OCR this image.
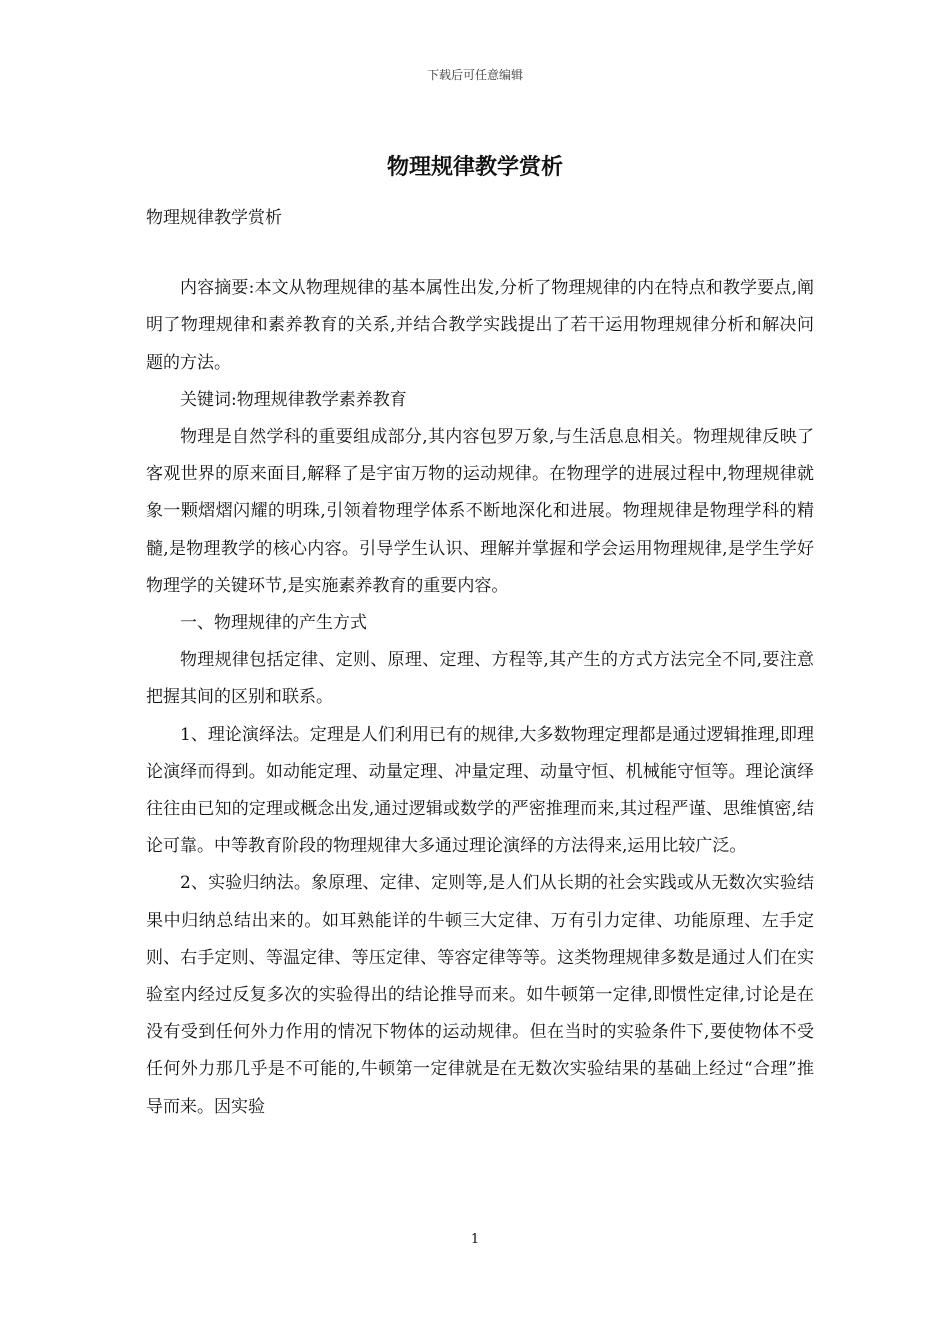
下载后可任意编辑
物理规律教学赏析

物理规律教学赏析

内容摘要:本文从物理规律的基本属性出发,分析了物理规律的内在特点和教学要点,阐明了物理规律和素养教育的关系,并结合教学实践提出了若干运用物理规律分析和解决问题的方法。

关键词:物理规律教学素养教育

物理是自然学科的重要组成部分,其内容包罗万象,与生活息息相关。物理规律反映了客观世界的原来面目,解释了是宇宙万物的运动规律。在物理学的进展过程中,物理规律就象一颗熠熠闪耀的明珠,引领着物理学体系不断地深化和进展。物理规律是物理学科的精髓,是物理教学的核心内容。引导学生认识、理解并掌握和学会运用物理规律,是学生学好物理学的关键环节,是实施素养教育的重要内容。

一、物理规律的产生方式

物理规律包括定律、定则、原理、定理、方程等,其产生的方式方法完全不同,要注意把握其间的区别和联系。

1、理论演绎法。定理是人们利用已有的规律,大多数物理定理都是通过逻辑推理,即理论演绎而得到。如动能定理、动量定理、冲量定理、动量守恒、机械能守恒等。理论演绎往往由已知的定理或概念出发,通过逻辑或数学的严密推理而来,其过程严谨、思维慎密,结论可靠。中等教育阶段的物理规律大多通过理论演绎的方法得来,运用比较广泛。

2、实验归纳法。象原理、定律、定则等,是人们从长期的社会实践或从无数次实验结果中归纳总结出来的。如耳熟能详的牛顿三大定律、万有引力定律、功能原理、左手定则、右手定则、等温定律、等压定律、等容定律等等。这类物理规律多数是通过人们在实验室内经过反复多次的实验得出的结论推导而来。如牛顿第一定律,即惯性定律,讨论是在没有受到任何外力作用的情况下物体的运动规律。但在当时的实验条件下,要使物体不受任何外力那几乎是不可能的,牛顿第一定律就是在无数次实验结果的基础上经过“合理”推导而来。因实验

1
